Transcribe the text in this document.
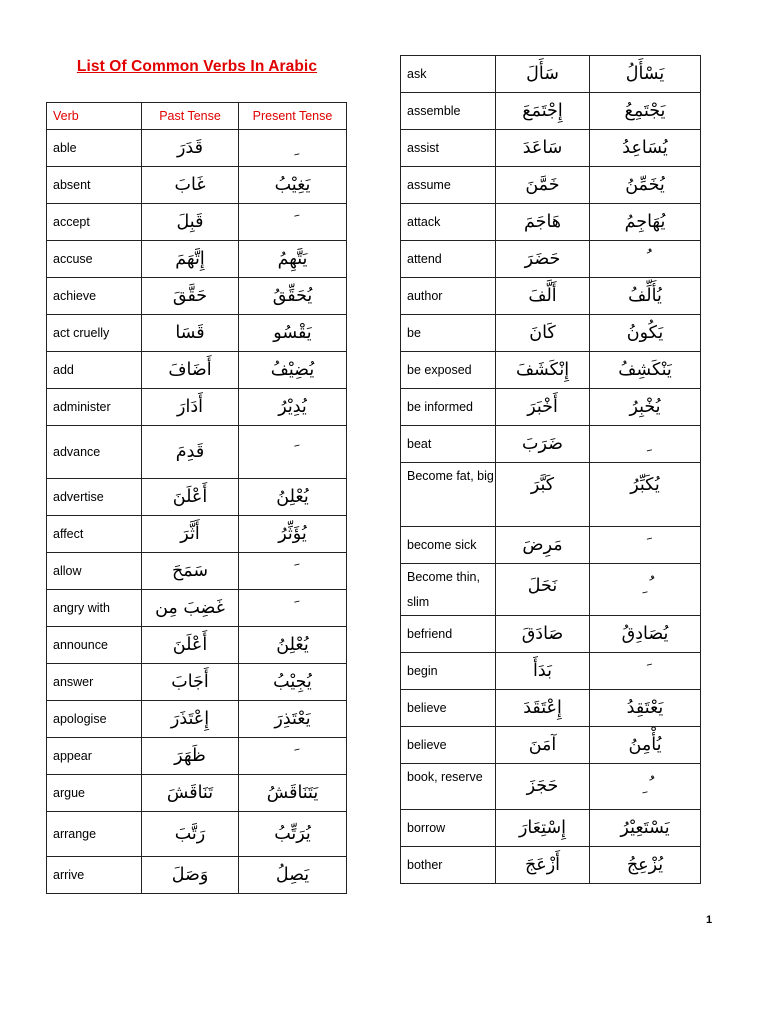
List Of Common Verbs In Arabic
Verb	Past Tense	Present Tense
able	قَدَرَ	
absent	غَابَ	يَغِيْبُ
accept	قَبِلَ	
accuse	إِتَّهَمَ	يَتَّهِمُ
achieve	حَقَّقَ	يُحَقِّقُ
act cruelly	قَسَا	يَقْسُو
add	أَضَافَ	يُضِيْفُ
administer	أَدَارَ	يُدِيْرُ
advance	قَدِمَ	
advertise	أَعْلَنَ	يُعْلِنُ
affect	أَثَّرَ	يُؤَثِّرُ
allow	سَمَحَ	
angry with	غَضِبَ مِن	
announce	أَعْلَنَ	يُعْلِنُ
answer	أَجَابَ	يُجِيْبُ
apologise	إِعْتَذَرَ	يَعْتَذِرَ
appear	ظَهَرَ	
argue	تَنَاقَشَ	يَتَنَاقَشُ
arrange	رَتَّبَ	يُرَتِّبُ
arrive	وَصَلَ	يَصِلُ
ask	سَأَلَ	يَسْأَلُ
assemble	إِجْتَمَعَ	يَجْتَمِعُ
assist	سَاعَدَ	يُسَاعِدُ
assume	خَمَّنَ	يُخَمِّنُ
attack	هَاجَمَ	يُهَاجِمُ
attend	حَضَرَ	
author	أَلَّفَ	يُأَلِّفُ
be	كَانَ	يَكُونُ
be exposed	إِنْكَشَفَ	يَنْكَشِفُ
be informed	أَخْبَرَ	يُخْبِرُ
beat	ضَرَبَ	
Become fat, big	كَبَّرَ	يُكَبِّرُ
become sick	مَرِضَ	
Become thin, slim	نَحَلَ	ُ ِ
befriend	صَادَقَ	يُصَادِقُ
begin	بَدَأَ	
believe	إِعْتَقَدَ	يَعْتَقِدُ
believe	آمَنَ	يُأْمِنُ
book, reserve	حَجَزَ	ُ ِ
borrow	إِسْتِعَارَ	يَسْتَعِيْرُ
bother	أَزْعَجَ	يُزْعِجُ
1
